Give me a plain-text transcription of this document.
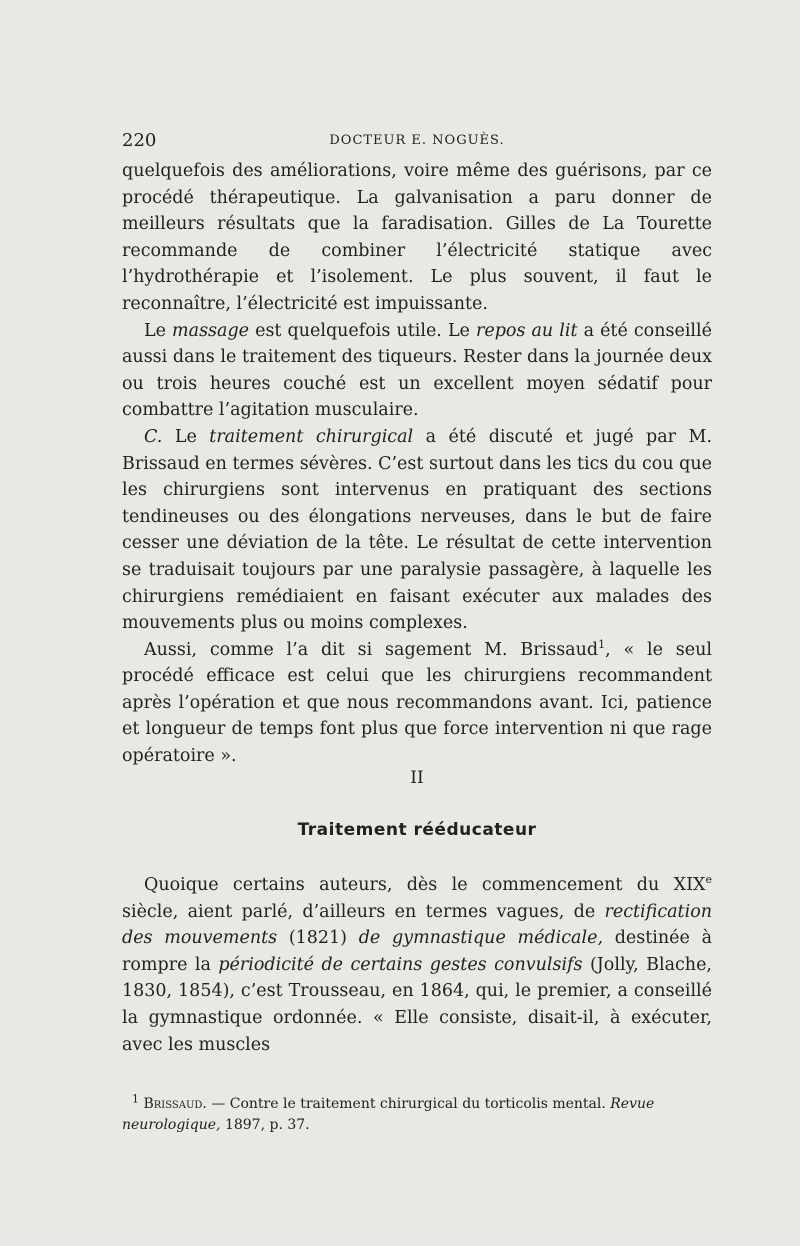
220	DOCTEUR E. NOGUÈS.

quelquefois des améliorations, voire même des guérisons, par ce procédé thérapeutique. La galvanisation a paru donner de meilleurs résultats que la faradisation. Gilles de La Tourette recommande de combiner l’électricité statique avec l’hydrothérapie et l’isolement. Le plus souvent, il faut le reconnaître, l’électricité est impuissante.

Le massage est quelquefois utile. Le repos au lit a été conseillé aussi dans le traitement des tiqueurs. Rester dans la journée deux ou trois heures couché est un excellent moyen sédatif pour combattre l’agitation musculaire.

C. Le traitement chirurgical a été discuté et jugé par M. Brissaud en termes sévères. C’est surtout dans les tics du cou que les chirurgiens sont intervenus en pratiquant des sections tendineuses ou des élongations nerveuses, dans le but de faire cesser une déviation de la tête. Le résultat de cette intervention se traduisait toujours par une paralysie passagère, à laquelle les chirurgiens remédiaient en faisant exécuter aux malades des mouvements plus ou moins complexes.

Aussi, comme l’a dit si sagement M. Brissaud$^1$, « le seul procédé efficace est celui que les chirurgiens recommandent après l’opération et que nous recommandons avant. Ici, patience et longueur de temps font plus que force intervention ni que rage opératoire ».

II
Traitement rééducateur

Quoique certains auteurs, dès le commencement du XIXe siècle, aient parlé, d’ailleurs en termes vagues, de rectification des mouvements (1821) de gymnastique médicale, destinée à rompre la périodicité de certains gestes convulsifs (Jolly, Blache, 1830, 1854), c’est Trousseau, en 1864, qui, le premier, a conseillé la gymnastique ordonnée. « Elle consiste, disait-il, à exécuter, avec les muscles

$^1$ Brissaud. — Contre le traitement chirurgical du torticolis mental. Revue neurologique, 1897, p. 37.
